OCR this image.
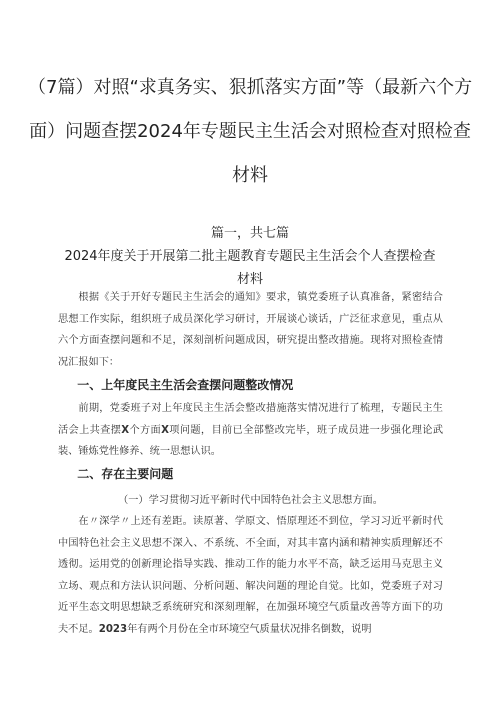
（7篇）对照“求真务实、狠抓落实方面”等（最新六个方
面）问题查摆2024年专题民主生活会对照检查对照检查
材料
篇一，共七篇
2024年度关于开展第二批主题教育专题民主生活会个人查摆检查
材料
根据《关于开好专题民主生活会的通知》要求，镇党委班子认真准备，紧密结合思想工作实际，组织班子成员深化学习研讨，开展谈心谈话，广泛征求意见，重点从六个方面查摆问题和不足，深刻剖析问题成因，研究提出整改措施。现将对照检查情况汇报如下：
一、上年度民主生活会查摆问题整改情况
前期，党委班子对上年度民主生活会整改措施落实情况进行了梳理，专题民主生活会上共查摆X个方面X项问题，目前已全部整改完毕，班子成员进一步强化理论武装、锤炼党性修养、统一思想认识。
二、存在主要问题
（一）学习贯彻习近平新时代中国特色社会主义思想方面。
在〃深学〃上还有差距。读原著、学原文、悟原理还不到位，学习习近平新时代中国特色社会主义思想不深入、不系统、不全面，对其丰富内涵和精神实质理解还不透彻。运用党的创新理论指导实践、推动工作的能力水平不高，缺乏运用马克思主义立场、观点和方法认识问题、分析问题、解决问题的理论自觉。比如，党委班子对习近平生态文明思想缺乏系统研究和深刻理解，在加强环境空气质量改善等方面下的功夫不足。2023年有两个月份在全市环境空气质量状况排名倒数，说明
